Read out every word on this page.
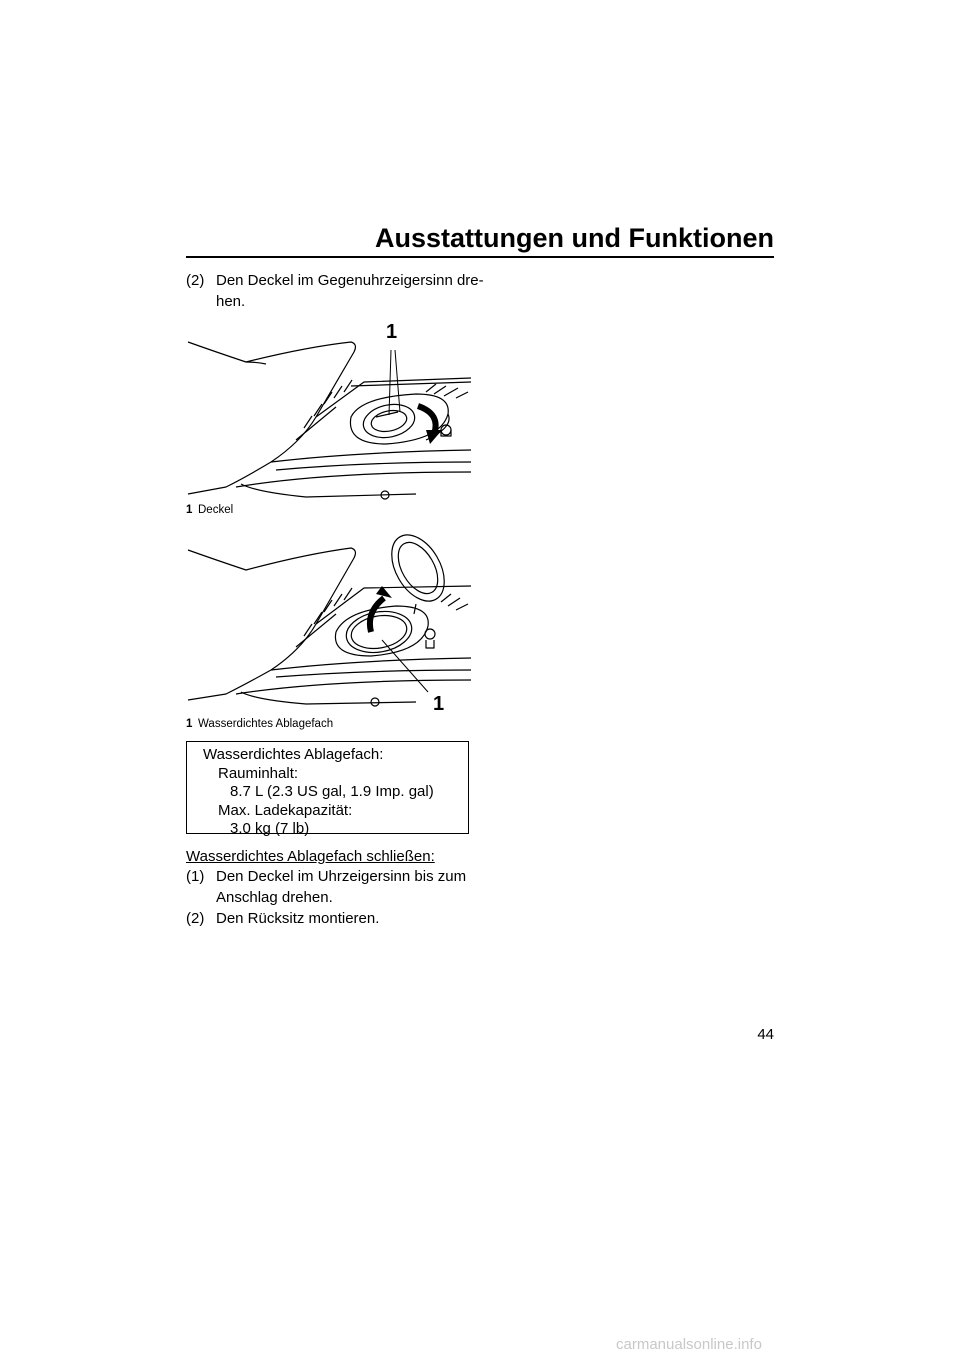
Ausstattungen und Funktionen
(2) Den Deckel im Gegenuhrzeigersinn dre-
hen.
1
1 Deckel
1
1 Wasserdichtes Ablagefach
Wasserdichtes Ablagefach:
Rauminhalt:
8.7 L (2.3 US gal, 1.9 Imp. gal)
Max. Ladekapazität:
3.0 kg (7 lb)
Wasserdichtes Ablagefach schließen:
(1) Den Deckel im Uhrzeigersinn bis zum
Anschlag drehen.
(2) Den Rücksitz montieren.
44
carmanualsonline.info
